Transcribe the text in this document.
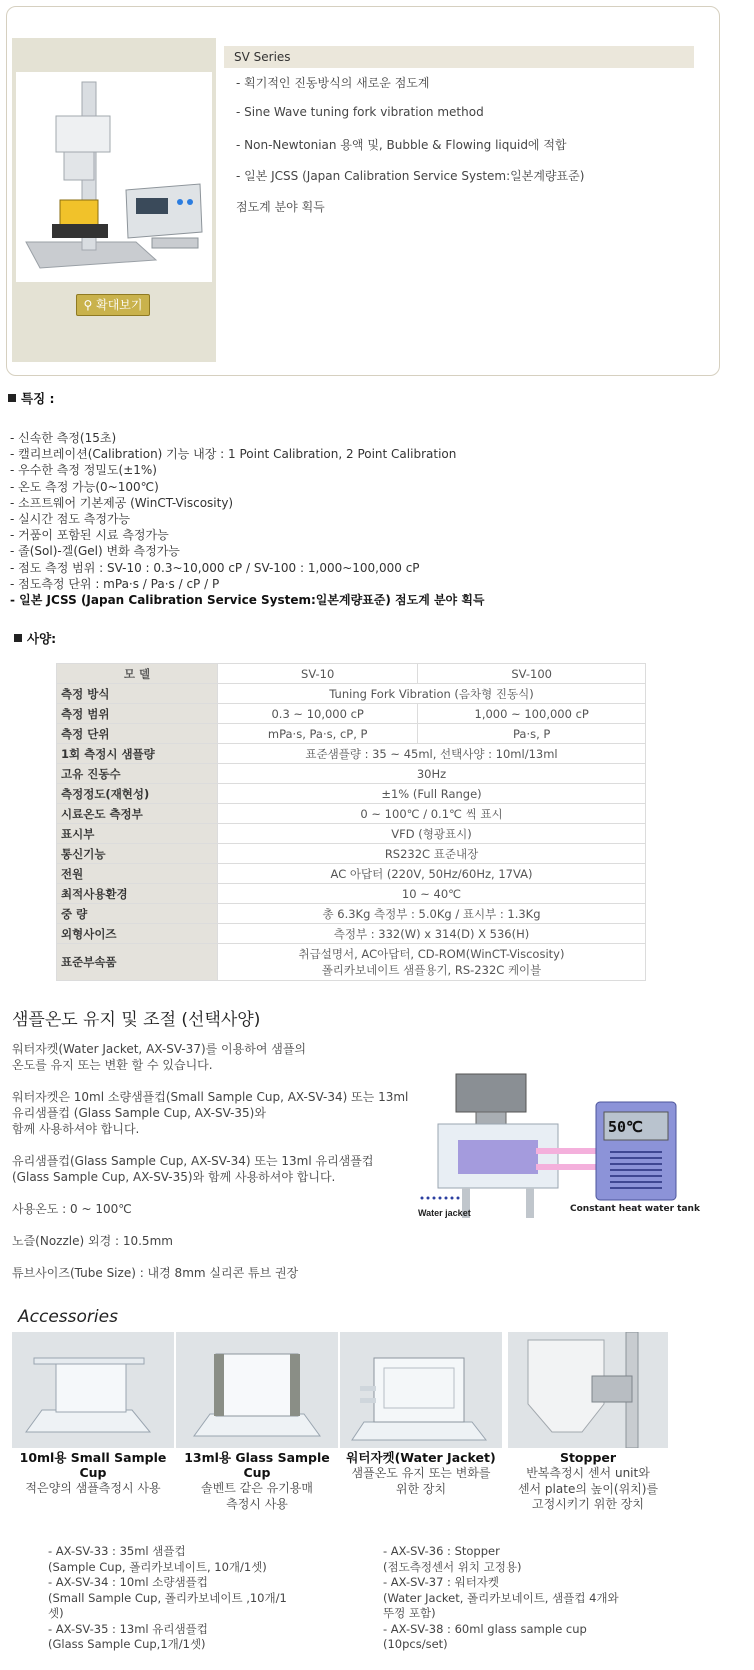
⚲ 확대보기
SV Series
- 획기적인 진동방식의 새로운 점도계
- Sine Wave tuning fork vibration method
- Non-Newtonian 용액 및, Bubble & Flowing liquid에 적합
- 일본 JCSS (Japan Calibration Service System:일본계량표준)
점도계 분야 획득
특징 :
- 신속한 측정(15초)
- 캘리브레이션(Calibration) 기능 내장 : 1 Point Calibration, 2 Point Calibration
- 우수한 측정 정밀도(±1%)
- 온도 측정 가능(0~100℃)
- 소프트웨어 기본제공 (WinCT-Viscosity)
- 실시간 점도 측정가능
- 거품이 포함된 시료 측정가능
- 졸(Sol)-겔(Gel) 변화 측정가능
- 점도 측정 범위 : SV-10 : 0.3~10,000 cP / SV-100 : 1,000~100,000 cP
- 점도측정 단위 : mPa·s / Pa·s / cP / P
- 일본 JCSS (Japan Calibration Service System:일본계량표준) 점도계 분야 획득
사양:
모 델	SV-10	SV-100
측정 방식	Tuning Fork Vibration (음차형 진동식)	
측정 범위	0.3 ~ 10,000 cP	1,000 ~ 100,000 cP
측정 단위	mPa·s, Pa·s, cP, P	Pa·s, P
1회 측정시 샘플량	표준샘플량 : 35 ~ 45ml, 선택사양 : 10ml/13ml	
고유 진동수	30Hz	
측정정도(재현성)	±1% (Full Range)	
시료온도 측정부	0 ~ 100℃ / 0.1℃ 씩 표시	
표시부	VFD (형광표시)	
통신기능	RS232C 표준내장	
전원	AC 아답터 (220V, 50Hz/60Hz, 17VA)	
최적사용환경	10 ~ 40℃	
중 량	총 6.3Kg 측정부 : 5.0Kg / 표시부 : 1.3Kg	
외형사이즈	측정부 : 332(W) x 314(D) X 536(H)	
표준부속품	취급설명서, AC아답터, CD-ROM(WinCT-Viscosity)
폴리카보네이트 샘플용기, RS-232C 케이블	
샘플온도 유지 및 조절 (선택사양)
워터자켓(Water Jacket, AX-SV-37)를 이용하여 샘플의
온도를 유지 또는 변환 할 수 있습니다.
워터자켓은 10ml 소량샘플컵(Small Sample Cup, AX-SV-34) 또는 13ml
유리샘플컵 (Glass Sample Cup, AX-SV-35)와
함께 사용하셔야 합니다.
유리샘플컵(Glass Sample Cup, AX-SV-34) 또는 13ml 유리샘플컵
(Glass Sample Cup, AX-SV-35)와 함께 사용하셔야 합니다.
사용온도 : 0 ~ 100℃
노즐(Nozzle) 외경 : 10.5mm
튜브사이즈(Tube Size) : 내경 8mm 실리콘 튜브 권장
Water jacket
50℃
Constant heat water tank
Accessories
10ml용 Small Sample
Cup
적은양의 샘플측정시 사용
13ml용 Glass Sample
Cup
솔벤트 같은 유기용매
측정시 사용
워터자켓(Water Jacket)
샘플온도 유지 또는 변화를
위한 장치
Stopper
반복측정시 센서 unit와
센서 plate의 높이(위치)를
고정시키기 위한 장치
- AX-SV-33 : 35ml 샘플컵
(Sample Cup, 폴리카보네이트, 10개/1셋)
- AX-SV-34 : 10ml 소량샘플컵
(Small Sample Cup, 폴리카보네이트 ,10개/1
셋)
- AX-SV-35 : 13ml 유리샘플컵
(Glass Sample Cup,1개/1셋)
- AX-SV-36 : Stopper
(점도측정센서 위치 고정용)
- AX-SV-37 : 워터자켓
(Water Jacket, 폴리카보네이트, 샘플컵 4개와
뚜껑 포함)
- AX-SV-38 : 60ml glass sample cup
(10pcs/set)
